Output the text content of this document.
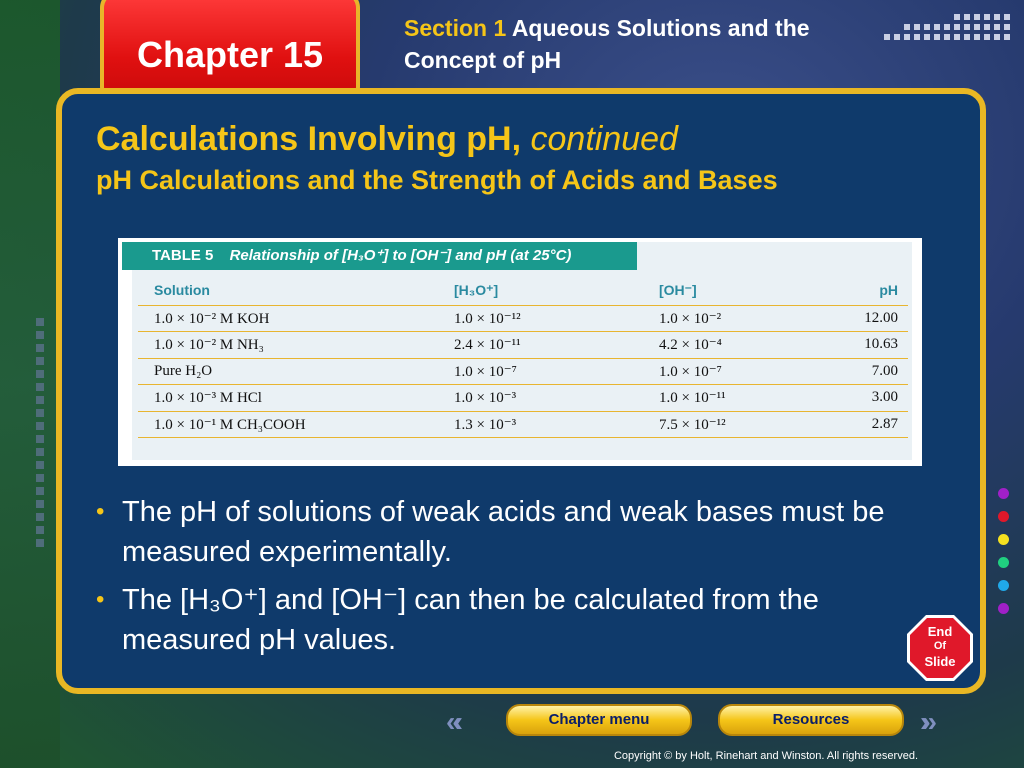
Chapter 15
Section 1 Aqueous Solutions and the Concept of pH
Calculations Involving pH, continued
pH Calculations and the Strength of Acids and Bases
TABLE 5 Relationship of [H₃O⁺] to [OH⁻] and pH (at 25°C)
Solution	[H₃O⁺]	[OH⁻]	pH
1.0 × 10⁻² M KOH	1.0 × 10⁻¹²	1.0 × 10⁻²	12.00
1.0 × 10⁻² M NH₃	2.4 × 10⁻¹¹	4.2 × 10⁻⁴	10.63
Pure H₂O	1.0 × 10⁻⁷	1.0 × 10⁻⁷	7.00
1.0 × 10⁻³ M HCl	1.0 × 10⁻³	1.0 × 10⁻¹¹	3.00
1.0 × 10⁻¹ M CH₃COOH	1.3 × 10⁻³	7.5 × 10⁻¹²	2.87
• The pH of solutions of weak acids and weak bases must be measured experimentally.
• The [H₃O⁺] and [OH⁻] can then be calculated from the measured pH values.	End
Of
Slide
«‹	Chapter menu	Resources	›»
Copyright © by Holt, Rinehart and Winston. All rights reserved.
